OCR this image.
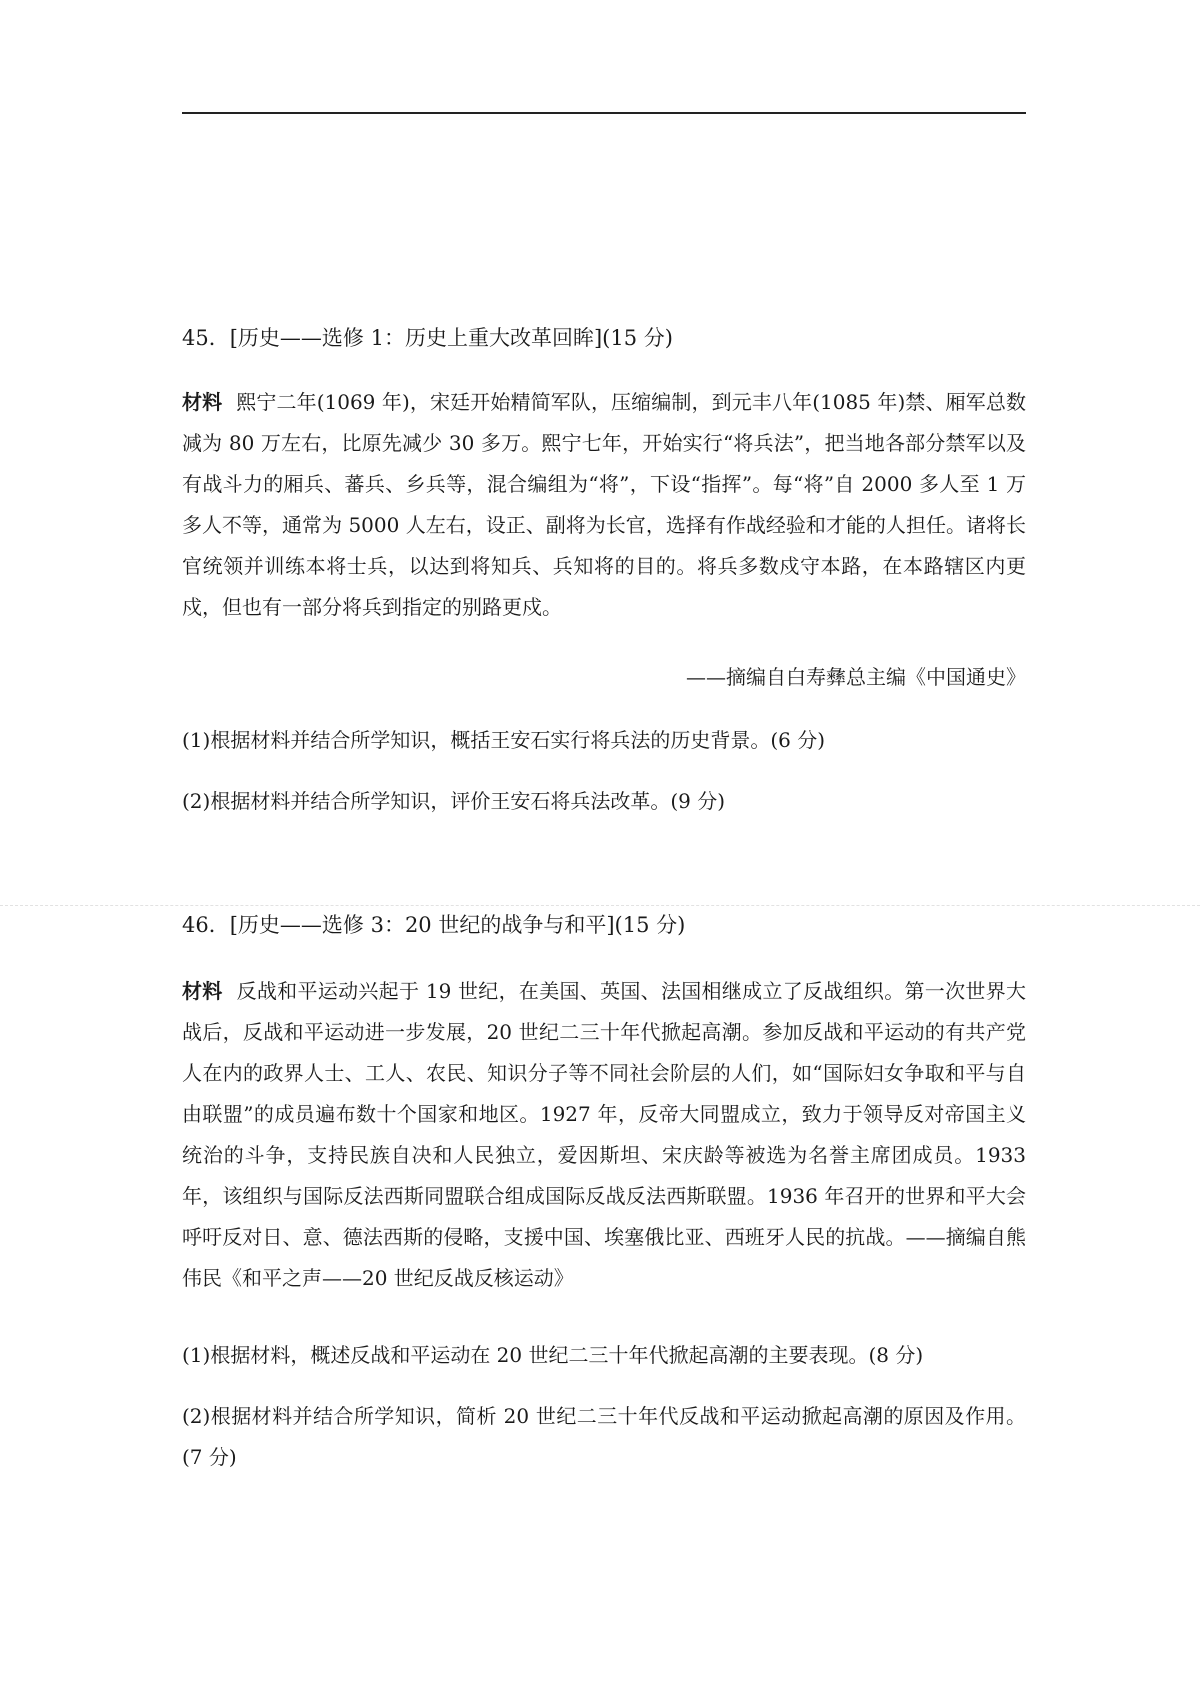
45．[历史——选修 1：历史上重大改革回眸](15 分)
材料 熙宁二年(1069 年)，宋廷开始精简军队，压缩编制，到元丰八年(1085 年)禁、厢军总数减为 80 万左右，比原先减少 30 多万。熙宁七年，开始实行“将兵法”，把当地各部分禁军以及有战斗力的厢兵、蕃兵、乡兵等，混合编组为“将”，下设“指挥”。每“将”自 2000 多人至 1 万多人不等，通常为 5000 人左右，设正、副将为长官，选择有作战经验和才能的人担任。诸将长官统领并训练本将士兵，以达到将知兵、兵知将的目的。将兵多数戍守本路，在本路辖区内更戍，但也有一部分将兵到指定的别路更戍。
——摘编自白寿彝总主编《中国通史》
(1)根据材料并结合所学知识，概括王安石实行将兵法的历史背景。(6 分)
(2)根据材料并结合所学知识，评价王安石将兵法改革。(9 分)
46．[历史——选修 3：20 世纪的战争与和平](15 分)
材料 反战和平运动兴起于 19 世纪，在美国、英国、法国相继成立了反战组织。第一次世界大战后，反战和平运动进一步发展，20 世纪二三十年代掀起高潮。参加反战和平运动的有共产党人在内的政界人士、工人、农民、知识分子等不同社会阶层的人们，如“国际妇女争取和平与自由联盟”的成员遍布数十个国家和地区。1927 年，反帝大同盟成立，致力于领导反对帝国主义统治的斗争，支持民族自决和人民独立，爱因斯坦、宋庆龄等被选为名誉主席团成员。1933 年，该组织与国际反法西斯同盟联合组成国际反战反法西斯联盟。1936 年召开的世界和平大会呼吁反对日、意、德法西斯的侵略，支援中国、埃塞俄比亚、西班牙人民的抗战。——摘编自熊伟民《和平之声——20 世纪反战反核运动》
(1)根据材料，概述反战和平运动在 20 世纪二三十年代掀起高潮的主要表现。(8 分)
(2)根据材料并结合所学知识，简析 20 世纪二三十年代反战和平运动掀起高潮的原因及作用。(7 分)
